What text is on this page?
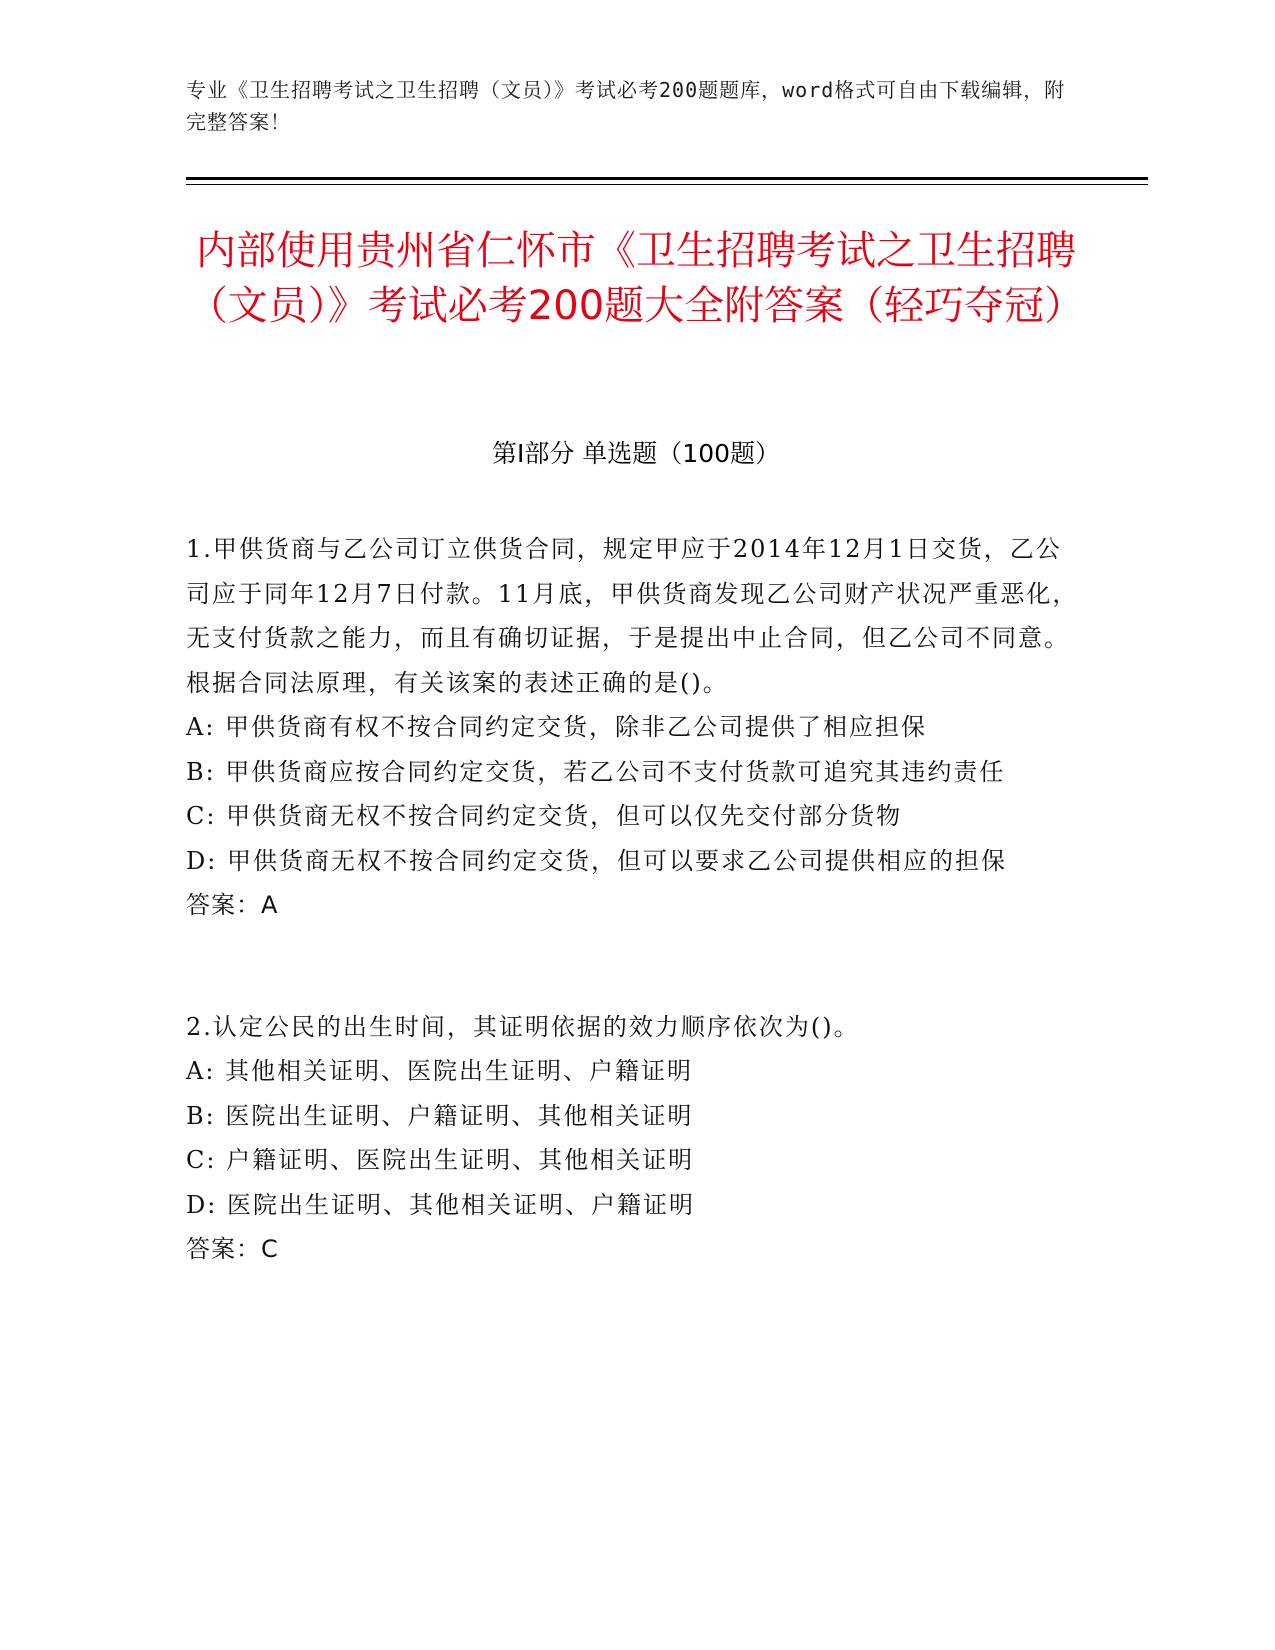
专业《卫生招聘考试之卫生招聘（文员）》考试必考200题题库，word格式可自由下载编辑，附完整答案！
内部使用贵州省仁怀市《卫生招聘考试之卫生招聘（文员）》考试必考200题大全附答案（轻巧夺冠）
第I部分 单选题（100题）

1.甲供货商与乙公司订立供货合同，规定甲应于2014年12月1日交货，乙公司应于同年12月7日付款。11月底，甲供货商发现乙公司财产状况严重恶化，无支付货款之能力，而且有确切证据，于是提出中止合同，但乙公司不同意。根据合同法原理，有关该案的表述正确的是()。

A: 甲供货商有权不按合同约定交货，除非乙公司提供了相应担保

B: 甲供货商应按合同约定交货，若乙公司不支付货款可追究其违约责任

C: 甲供货商无权不按合同约定交货，但可以仅先交付部分货物

D: 甲供货商无权不按合同约定交货，但可以要求乙公司提供相应的担保

答案：A

2.认定公民的出生时间，其证明依据的效力顺序依次为()。

A: 其他相关证明、医院出生证明、户籍证明

B: 医院出生证明、户籍证明、其他相关证明

C: 户籍证明、医院出生证明、其他相关证明

D: 医院出生证明、其他相关证明、户籍证明

答案：C
